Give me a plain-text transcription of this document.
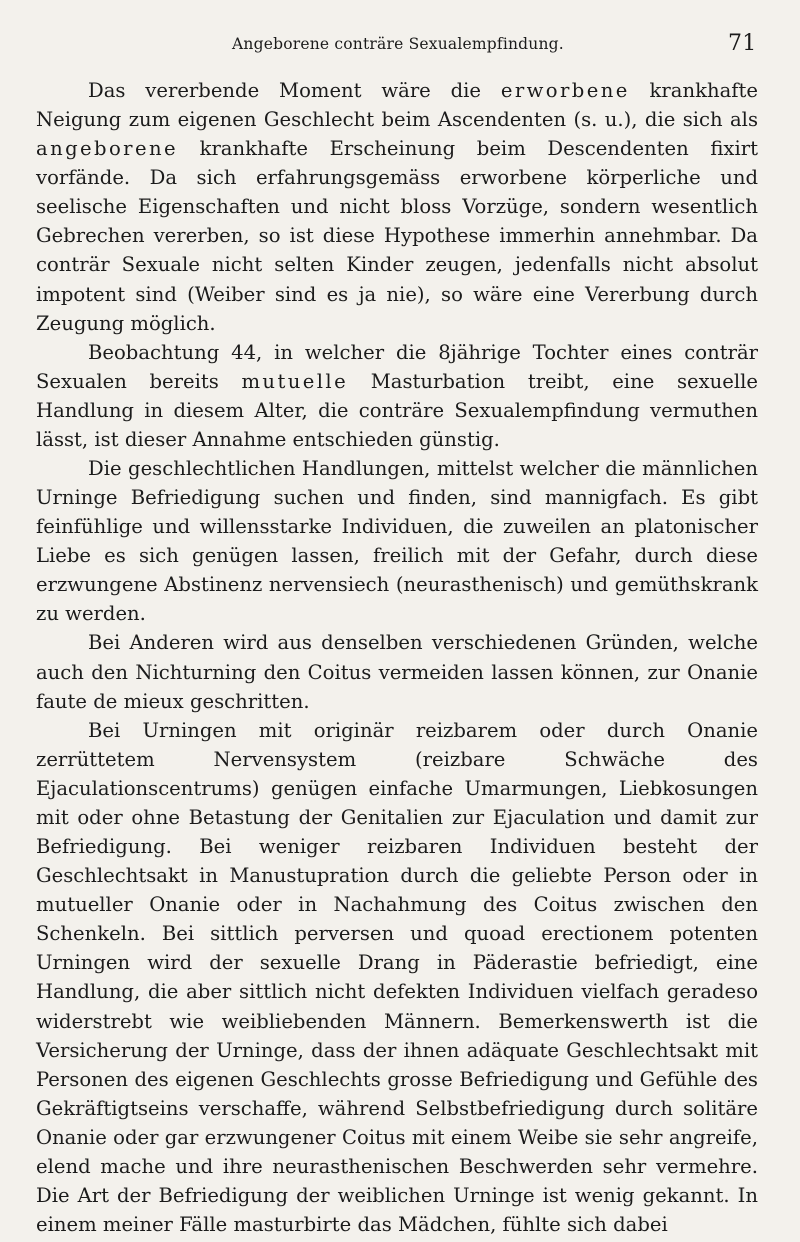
Angeborene conträre Sexualempfindung.	71

Das vererbende Moment wäre die erworbene krankhafte Neigung zum eigenen Geschlecht beim Ascendenten (s. u.), die sich als angeborene krankhafte Erscheinung beim Descendenten fixirt vorfände. Da sich erfahrungsgemäss erworbene körperliche und seelische Eigenschaften und nicht bloss Vorzüge, sondern wesentlich Gebrechen vererben, so ist diese Hypothese immerhin annehmbar. Da conträr Sexuale nicht selten Kinder zeugen, jedenfalls nicht absolut impotent sind (Weiber sind es ja nie), so wäre eine Vererbung durch Zeugung möglich.

Beobachtung 44, in welcher die 8jährige Tochter eines conträr Sexualen bereits mutuelle Masturbation treibt, eine sexuelle Handlung in diesem Alter, die conträre Sexualempfindung vermuthen lässt, ist dieser Annahme entschieden günstig.

Die geschlechtlichen Handlungen, mittelst welcher die männlichen Urninge Befriedigung suchen und finden, sind mannigfach. Es gibt feinfühlige und willensstarke Individuen, die zuweilen an platonischer Liebe es sich genügen lassen, freilich mit der Gefahr, durch diese erzwungene Abstinenz nervensiech (neurasthenisch) und gemüthskrank zu werden.

Bei Anderen wird aus denselben verschiedenen Gründen, welche auch den Nichturning den Coitus vermeiden lassen können, zur Onanie faute de mieux geschritten.

Bei Urningen mit originär reizbarem oder durch Onanie zerrüttetem Nervensystem (reizbare Schwäche des Ejaculationscentrums) genügen einfache Umarmungen, Liebkosungen mit oder ohne Betastung der Genitalien zur Ejaculation und damit zur Befriedigung. Bei weniger reizbaren Individuen besteht der Geschlechtsakt in Manustupration durch die geliebte Person oder in mutueller Onanie oder in Nachahmung des Coitus zwischen den Schenkeln. Bei sittlich perversen und quoad erectionem potenten Urningen wird der sexuelle Drang in Päderastie befriedigt, eine Handlung, die aber sittlich nicht defekten Individuen vielfach geradeso widerstrebt wie weibliebenden Männern. Bemerkenswerth ist die Versicherung der Urninge, dass der ihnen adäquate Geschlechtsakt mit Personen des eigenen Geschlechts grosse Befriedigung und Gefühle des Gekräftigtseins verschaffe, während Selbstbefriedigung durch solitäre Onanie oder gar erzwungener Coitus mit einem Weibe sie sehr angreife, elend mache und ihre neurasthenischen Beschwerden sehr vermehre. Die Art der Befriedigung der weiblichen Urninge ist wenig gekannt. In einem meiner Fälle masturbirte das Mädchen, fühlte sich dabei
